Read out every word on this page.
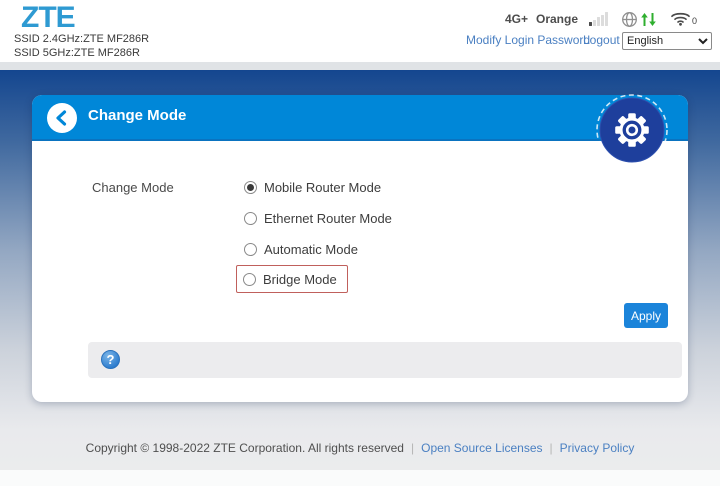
ZTE
SSID 2.4GHz:ZTE MF286R
SSID 5GHz:ZTE MF286R
4G+ Orange	0
Modify Login Password
Logout
English
Change Mode
Change Mode	Mobile Router Mode
Ethernet Router Mode
Automatic Mode
Bridge Mode
Apply
?
Copyright © 1998-2022 ZTE Corporation. All rights reserved | Open Source Licenses | Privacy Policy
